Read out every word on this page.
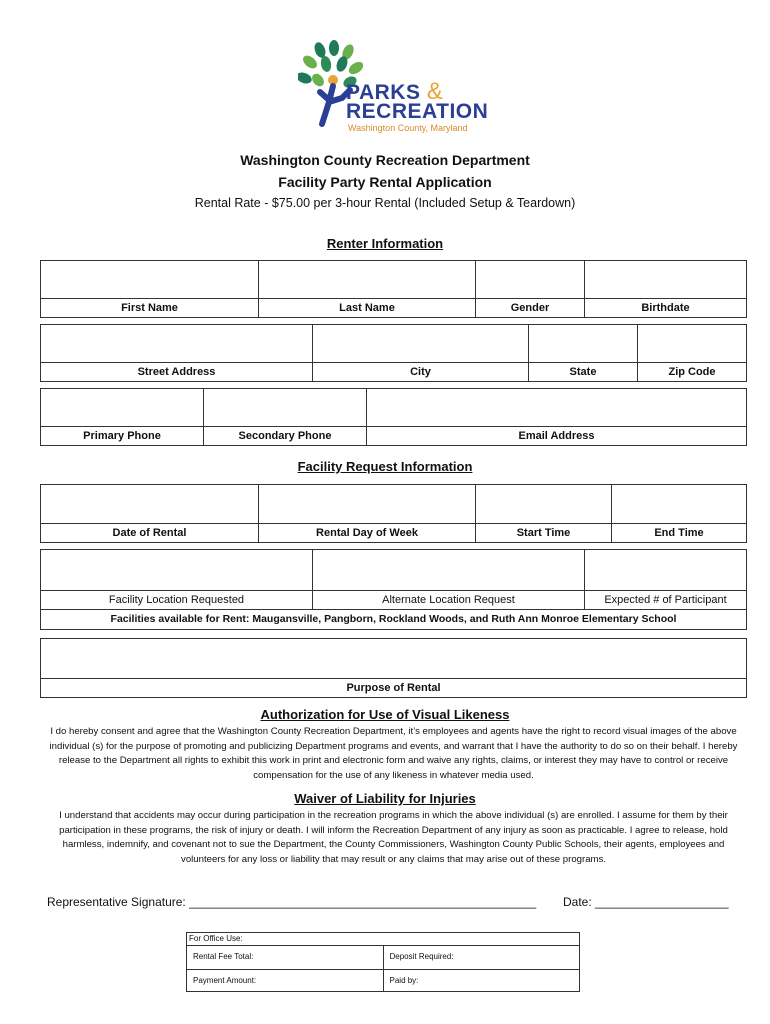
PARKS &
RECREATION
Washington County, Maryland
Washington County Recreation Department
Facility Party Rental Application
Rental Rate - $75.00 per 3-hour Rental (Included Setup & Teardown)
Renter Information
First Name	Last Name	Gender	Birthdate
Street Address	City	State	Zip Code
Primary Phone	Secondary Phone	Email Address
Facility Request Information
Date of Rental	Rental Day of Week	Start Time	End Time
Facility Location Requested	Alternate Location Request	Expected # of Participant
Facilities available for Rent: Maugansville, Pangborn, Rockland Woods, and Ruth Ann Monroe Elementary School
Purpose of Rental
Authorization for Use of Visual Likeness
I do hereby consent and agree that the Washington County Recreation Department, it’s employees and agents have the right to record visual images of the above individual (s) for the purpose of promoting and publicizing Department programs and events, and warrant that I have the authority to do so on their behalf. I hereby release to the Department all rights to exhibit this work in print and electronic form and waive any rights, claims, or interest they may have to control or receive compensation for the use of any likeness in whatever media used.
Waiver of Liability for Injuries
I understand that accidents may occur during participation in the recreation programs in which the above individual (s) are enrolled. I assume for them by their participation in these programs, the risk of injury or death. I will inform the Recreation Department of any injury as soon as practicable. I agree to release, hold harmless, indemnify, and covenant not to sue the Department, the County Commissioners, Washington County Public Schools, their agents, employees and volunteers for any loss or liability that may result or any claims that may arise out of these programs.
Representative Signature: ____________________________________________________ Date: ____________________
For Office Use:
Rental Fee Total:	Deposit Required:
Payment Amount:	Paid by:
